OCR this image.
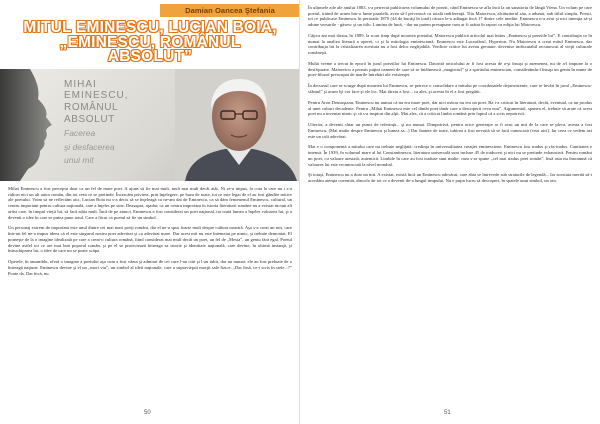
Damian Oancea Ştefania
MITUL EMINESCU, LUCIAN BOIA,
„EMINESCU, ROMÂNUL
ABSOLUT”
MIHAI
EMINESCU,
ROMÂNUL
ABSOLUT
Facerea
şi desfacerea
unui mit

Mihai Eminescu a fost perceput doar ca un fel de mare poet. A ajuns să fie mai mult, mult mai mult decât atât. Ni se-a impus, la cota la care nu i s-a ridicat nici un alt autor român, din tot ceea ce se pretinde. Încercăm privirea, prin înţelegere, pe baza de toate, tot ce este legat de el au fost gândite mitice ale poetului. Voim să ne reflectăm aici, Lucian Boia nu s-a decis să se înţeleagă ca ne-am dat de Eminescu, ca să dăm fenomenul Eminescu, cultural, un centru important pentru cultura naţională, care a înţeles pe sine. Deasupra, aşadar, ca un centru important în istoria literaturii române nu a existat niciun alt artist care, în timpul vieţii lui, să facă atâta mult. Încă de pe atunci, Eminescu a fost considerat un poet naţional, iar toată lumea a înţeles valoarea lui, şi a devenit o idee în care se putea pune totul. Care a făcut ca poetul să fie un simbol.

Un personaj extrem de important este unul dintre cei mai mari poeţi români, dar el ne-a spus foarte mult despre cultura noastră. Aşa s-a creat un mit, care într-un fel ne-a impus ideea că el este singurul nostru poet adevărat şi cu adevărat mare. Dar acest mit nu este întemeiat pe nimic, şi trebuie demontat. El porneşte de la o imagine idealizată pe care a creat-o cultura română, fiind considerat mai mult decât un poet, un fel de „Mesia”, un geniu fără egal. Poetul devine astfel tot ce are mai bun poporul român, şi pe el se proiectează întreaga sa istorie şi identitate naţională, care devine, în ultimă instanţă, şi întruchiparea lui, o idee de care nu se poate scăpa.

Operele, în ansamblu, oferă o imagine a poetului aşa cum a fost văzut şi admirat de cei care l-au citit şi l-au iubit, dar nu numai: ele au fost preluate de o întreagă naţiune. Eminescu devine şi el un „mort viu”, un simbol al ideii naţionale, care a supravieţuit morţii sale fizice. „Dar însă, ce-i scris în stele...?” Poate da. Dar încă, nu.

50

În ultimele zile ale anului 1883, s-a petrecut publicarea volumului de poezii, când Eminescu se afla încă la un sanatoriu de lângă Viena. Un volum pe care poetul, trăind de acum într-o lume paralelă, avea să-l privească cu totală indiferenţă. Titu Maiorescu, alcătuitorul său, a adunat, sub titlul simplu, Poesii, tot ce publicase Eminescu în perioada 1870 (44 de bucăţi în total) cărora le-a adăugat încă 17 dintre cele inedite. Eminescu n-a avut şi nici intenţia să-şi adune versurile - găsesc şi un titlu. Lumina de lună, - dar nu putem presupune cum ar fi arătat în raport cu ediţia lui Maiorescu.

Câţiva ani mai târziu, în 1889, la scurt timp după moartea poetului, Maiorescu publică articolul mai întins „Eminescu şi poeziile lui”. E contribuţia ce în numai la analiza literară a operei, ci şi la mitologia eminesciană. Eminescu este Luceafărul, Hyperion. Nu Maiorescu a creat mitul Eminescu, dar contribuţia lui la cristalizarea acestuia nu a fost deloc neglijabilă. Verdicte critice lui aveau greutate: devenise indiscutabil recunoscut al vieţii culturale româneşti.

Multă vreme a trecut în epocă în jurul poeziilor lui Eminescu. Datorită articolului ar fi fost acesta de a-şi însuşi şi asemenea, nu de a-l impune la o desfăşurare. Maiorescu a promis puţini oameni de care să se întâlnească „magistrul” şi a spiritului eminescian, considerându-l însuşi un geniu în nume de poet-filozof preocupat de marile întrebări ale existenţei.

În decursul care se scurge după moartea lui Eminescu, se petrece o consolidare a mitului pe coordonatele dejaexistente, care se învârt în jurul „Eminescu-sfântul” şi acum îşi vor face şi ele loc. Mai târziu a fost... ca ales, şi acesta în el a fost pregătit.

Pentru Aron Densuşianu, Eminescu nu numai că nu era mare poet, dar nici măcar nu era un poet. Ba i-a criticat în literatură, decât, eventual, ca un produs al unei culturi decadente. Pentru „Mihai Eminescu este cel dintâi poet tânăr care a descoperit ceva nou”. Argumentul, spunea el, trebuie să arate că acest poet nu a inventat nimic şi că s-a inspirat din alţii. Mai ales, că a criticat limba română prin faptul că a scris nepotrivit.

Ulterior, a devenit chiar un punct de referinţă... şi nu numai. Dimpotrivă, pentru orice generaţie ar fi avut un mit de la care se pleca, acesta a fost Eminescu. (Mai multe despre Eminescu şi lumea sa...) Dar înainte de toate, iubirea a fost nevoită să se facă cunoscută (vezi aici). Iar ceea ce vedem azi este un cult adevărat.

Mai e o componentă a mitului care nu trebuie neglijată: credinţa în universalitatea creaţiei eminesciene. Eminescu fost tradus şi răs-tradus. Cantitatea e imensă. În 1939, în volumul mare al lui Constantinescu, literatura universală sunt incluse 45 de traduceri şi nici nu se pretinde exhaustivă. Pentru români un poet, cu valoare atestată, autentică. Limbile în care au fost traduse sunt multe: cum s-ar spune „cel mai tradus poet român”, însă asta nu înseamnă că valoarea lui este recunoscută la nivel mondial.

Şi totuşi, Eminescu nu a doar un mit. A existat, există încă un Eminescu adevărat, care abia se întrevede sub straturile de legendă... Iar acestuia merită să-i acordăm atenţia cuvenită, dincolo de tot ce a devenit de-a lungul timpului. Nu e puţin lucru să descoperi, în spatele unui simbol, un om.

51
